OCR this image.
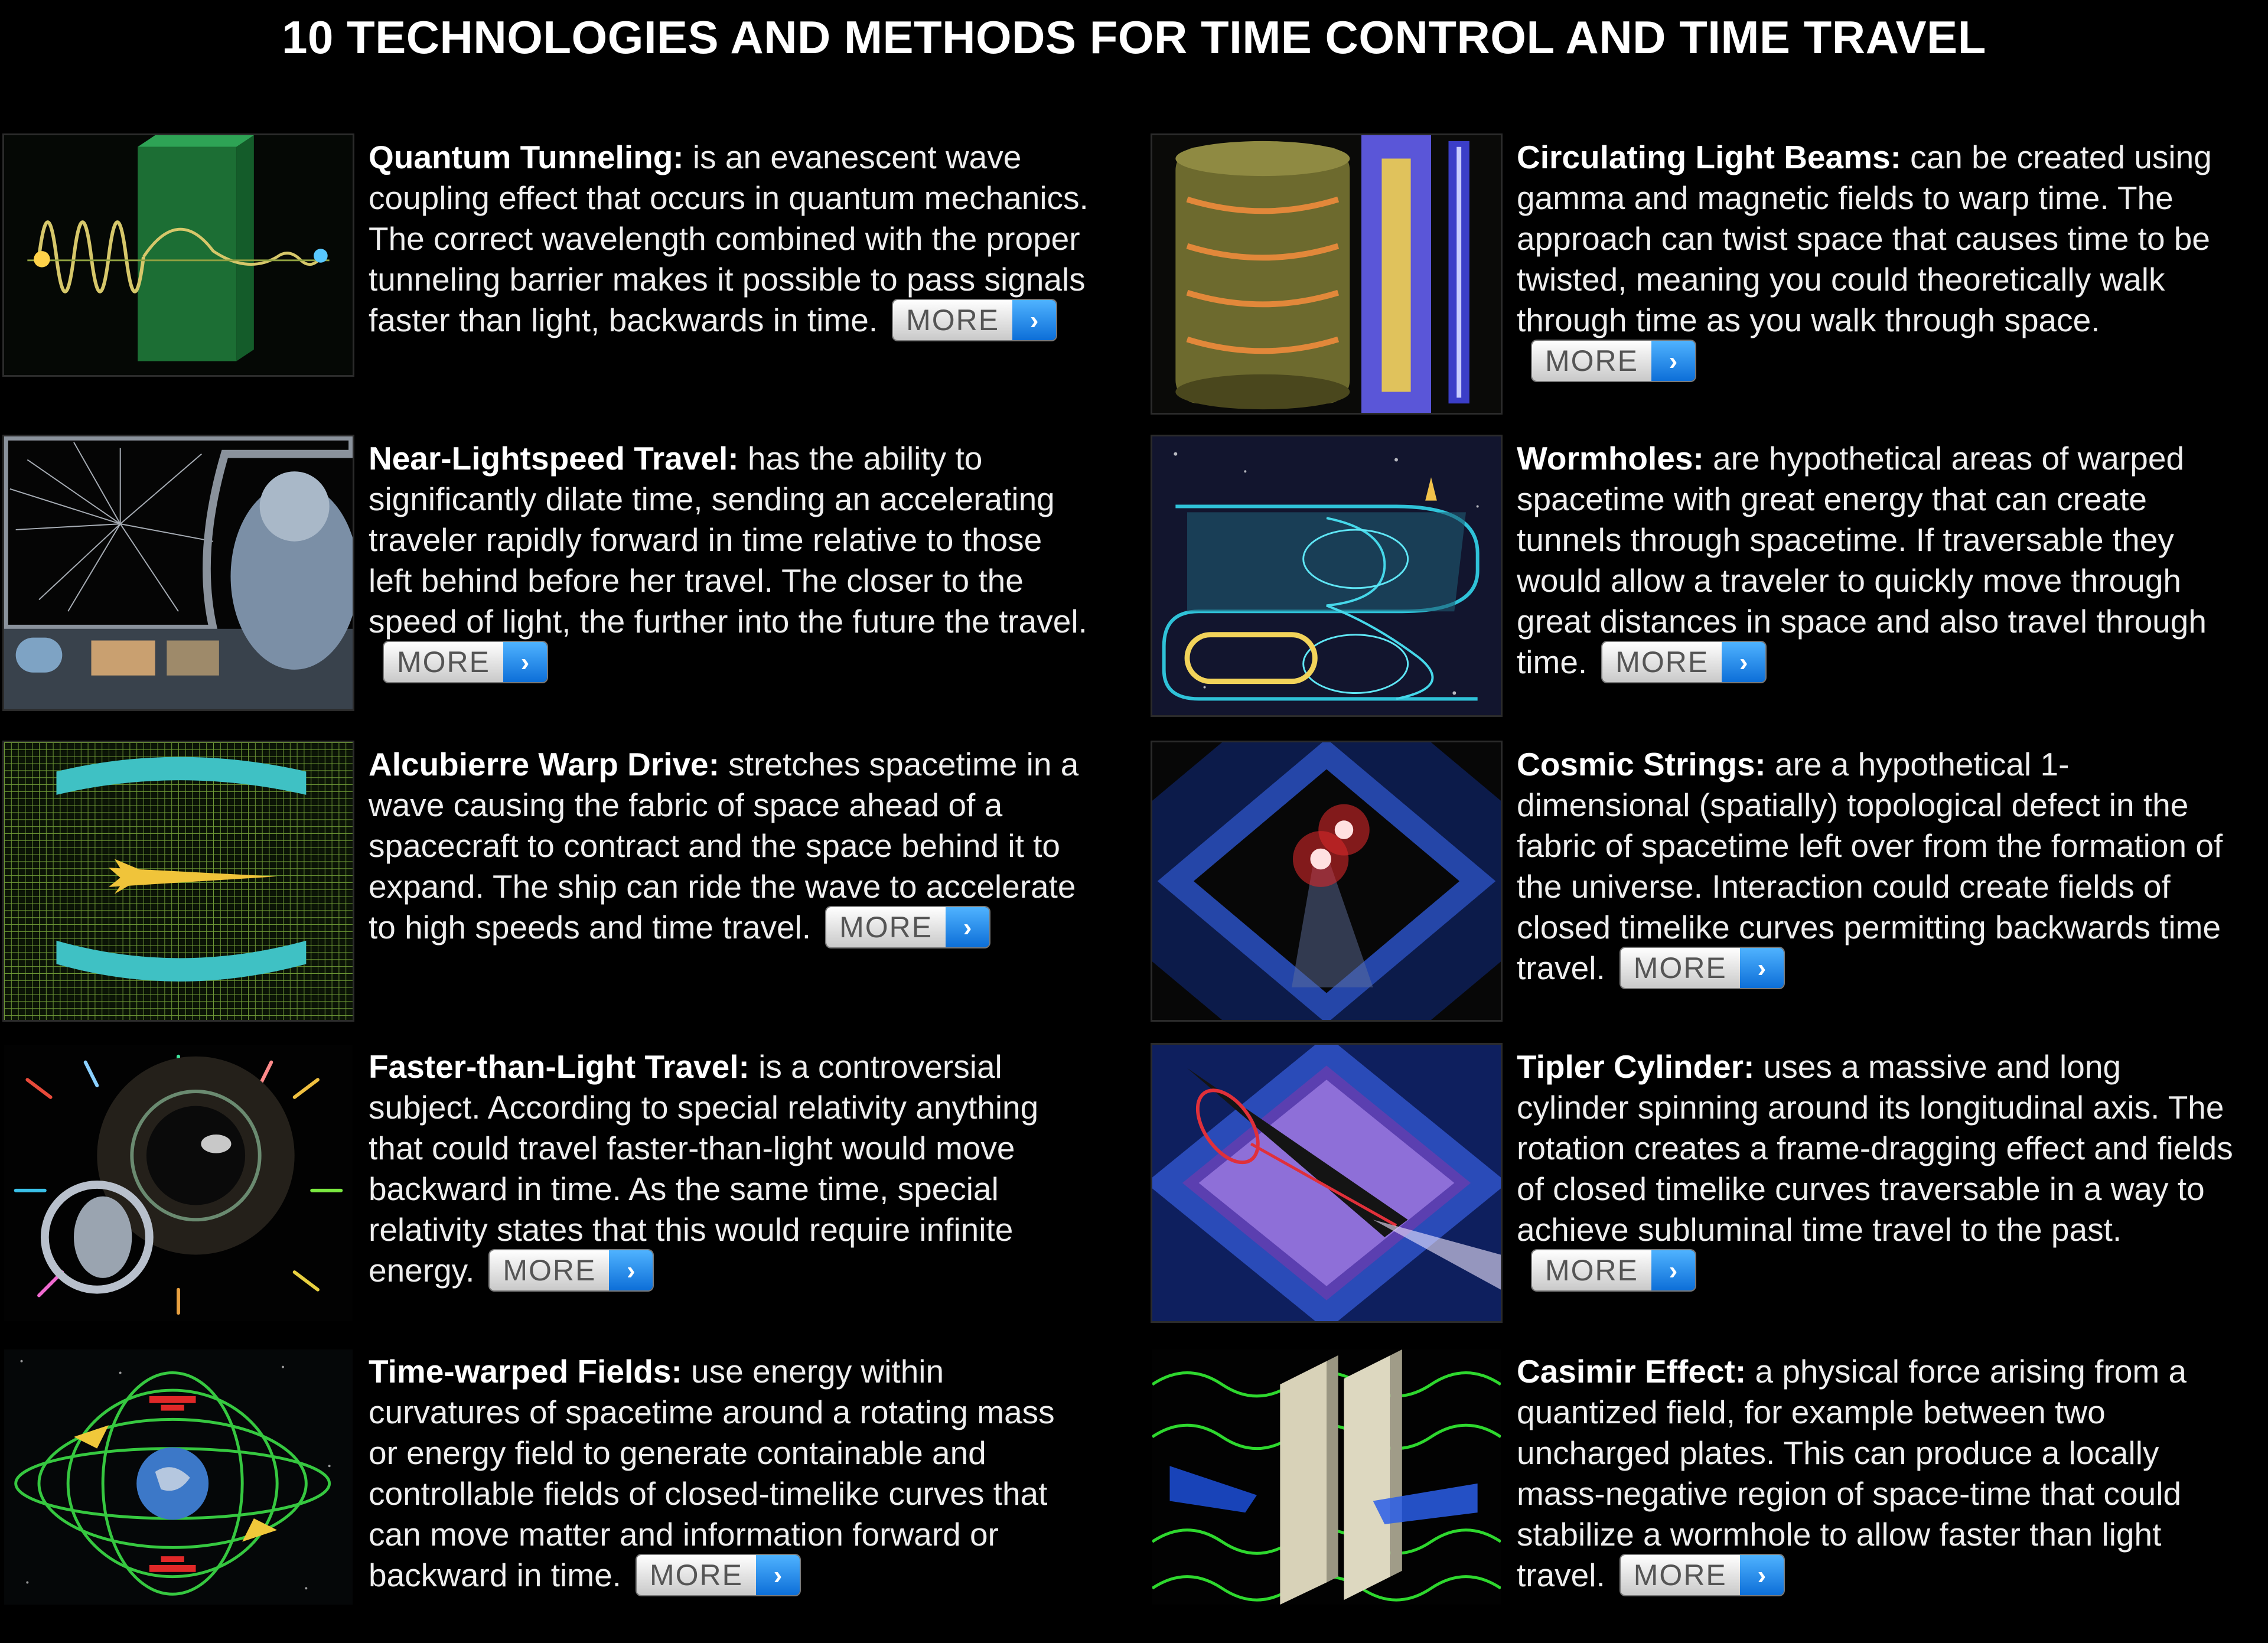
10 TECHNOLOGIES AND METHODS FOR TIME CONTROL AND TIME TRAVEL
Quantum Tunneling: is an evanescent wave coupling effect that occurs in quantum mechanics. The correct wavelength combined with the proper tunneling barrier makes it possible to pass signals faster than light, backwards in time. MORE	›
Circulating Light Beams: can be created using gamma and magnetic fields to warp time. The approach can twist space that causes time to be twisted, meaning you could theoretically walk through time as you walk through space.
MORE	›
Near-Lightspeed Travel: has the ability to significantly dilate time, sending an accelerating traveler rapidly forward in time relative to those left behind before her travel. The closer to the speed of light, the further into the future the travel.
MORE	›
Wormholes: are hypothetical areas of warped spacetime with great energy that can create tunnels through spacetime. If traversable they would allow a traveler to quickly move through great distances in space and also travel through time. MORE	›
Alcubierre Warp Drive: stretches spacetime in a wave causing the fabric of space ahead of a spacecraft to contract and the space behind it to expand. The ship can ride the wave to accelerate to high speeds and time travel. MORE	›
Cosmic Strings: are a hypothetical 1-dimensional (spatially) topological defect in the fabric of spacetime left over from the formation of the universe. Interaction could create fields of closed timelike curves permitting backwards time travel. MORE	›
Faster-than-Light Travel: is a controversial subject. According to special relativity anything that could travel faster-than-light would move backward in time. As the same time, special relativity states that this would require infinite energy. MORE	›
Tipler Cylinder: uses a massive and long cylinder spinning around its longitudinal axis. The rotation creates a frame-dragging effect and fields of closed timelike curves traversable in a way to achieve subluminal time travel to the past.
MORE	›
Time-warped Fields: use energy within curvatures of spacetime around a rotating mass or energy field to generate containable and controllable fields of closed-timelike curves that can move matter and information forward or backward in time. MORE	›
Casimir Effect: a physical force arising from a quantized field, for example between two uncharged plates. This can produce a locally mass-negative region of space-time that could stabilize a wormhole to allow faster than light travel. MORE	›
